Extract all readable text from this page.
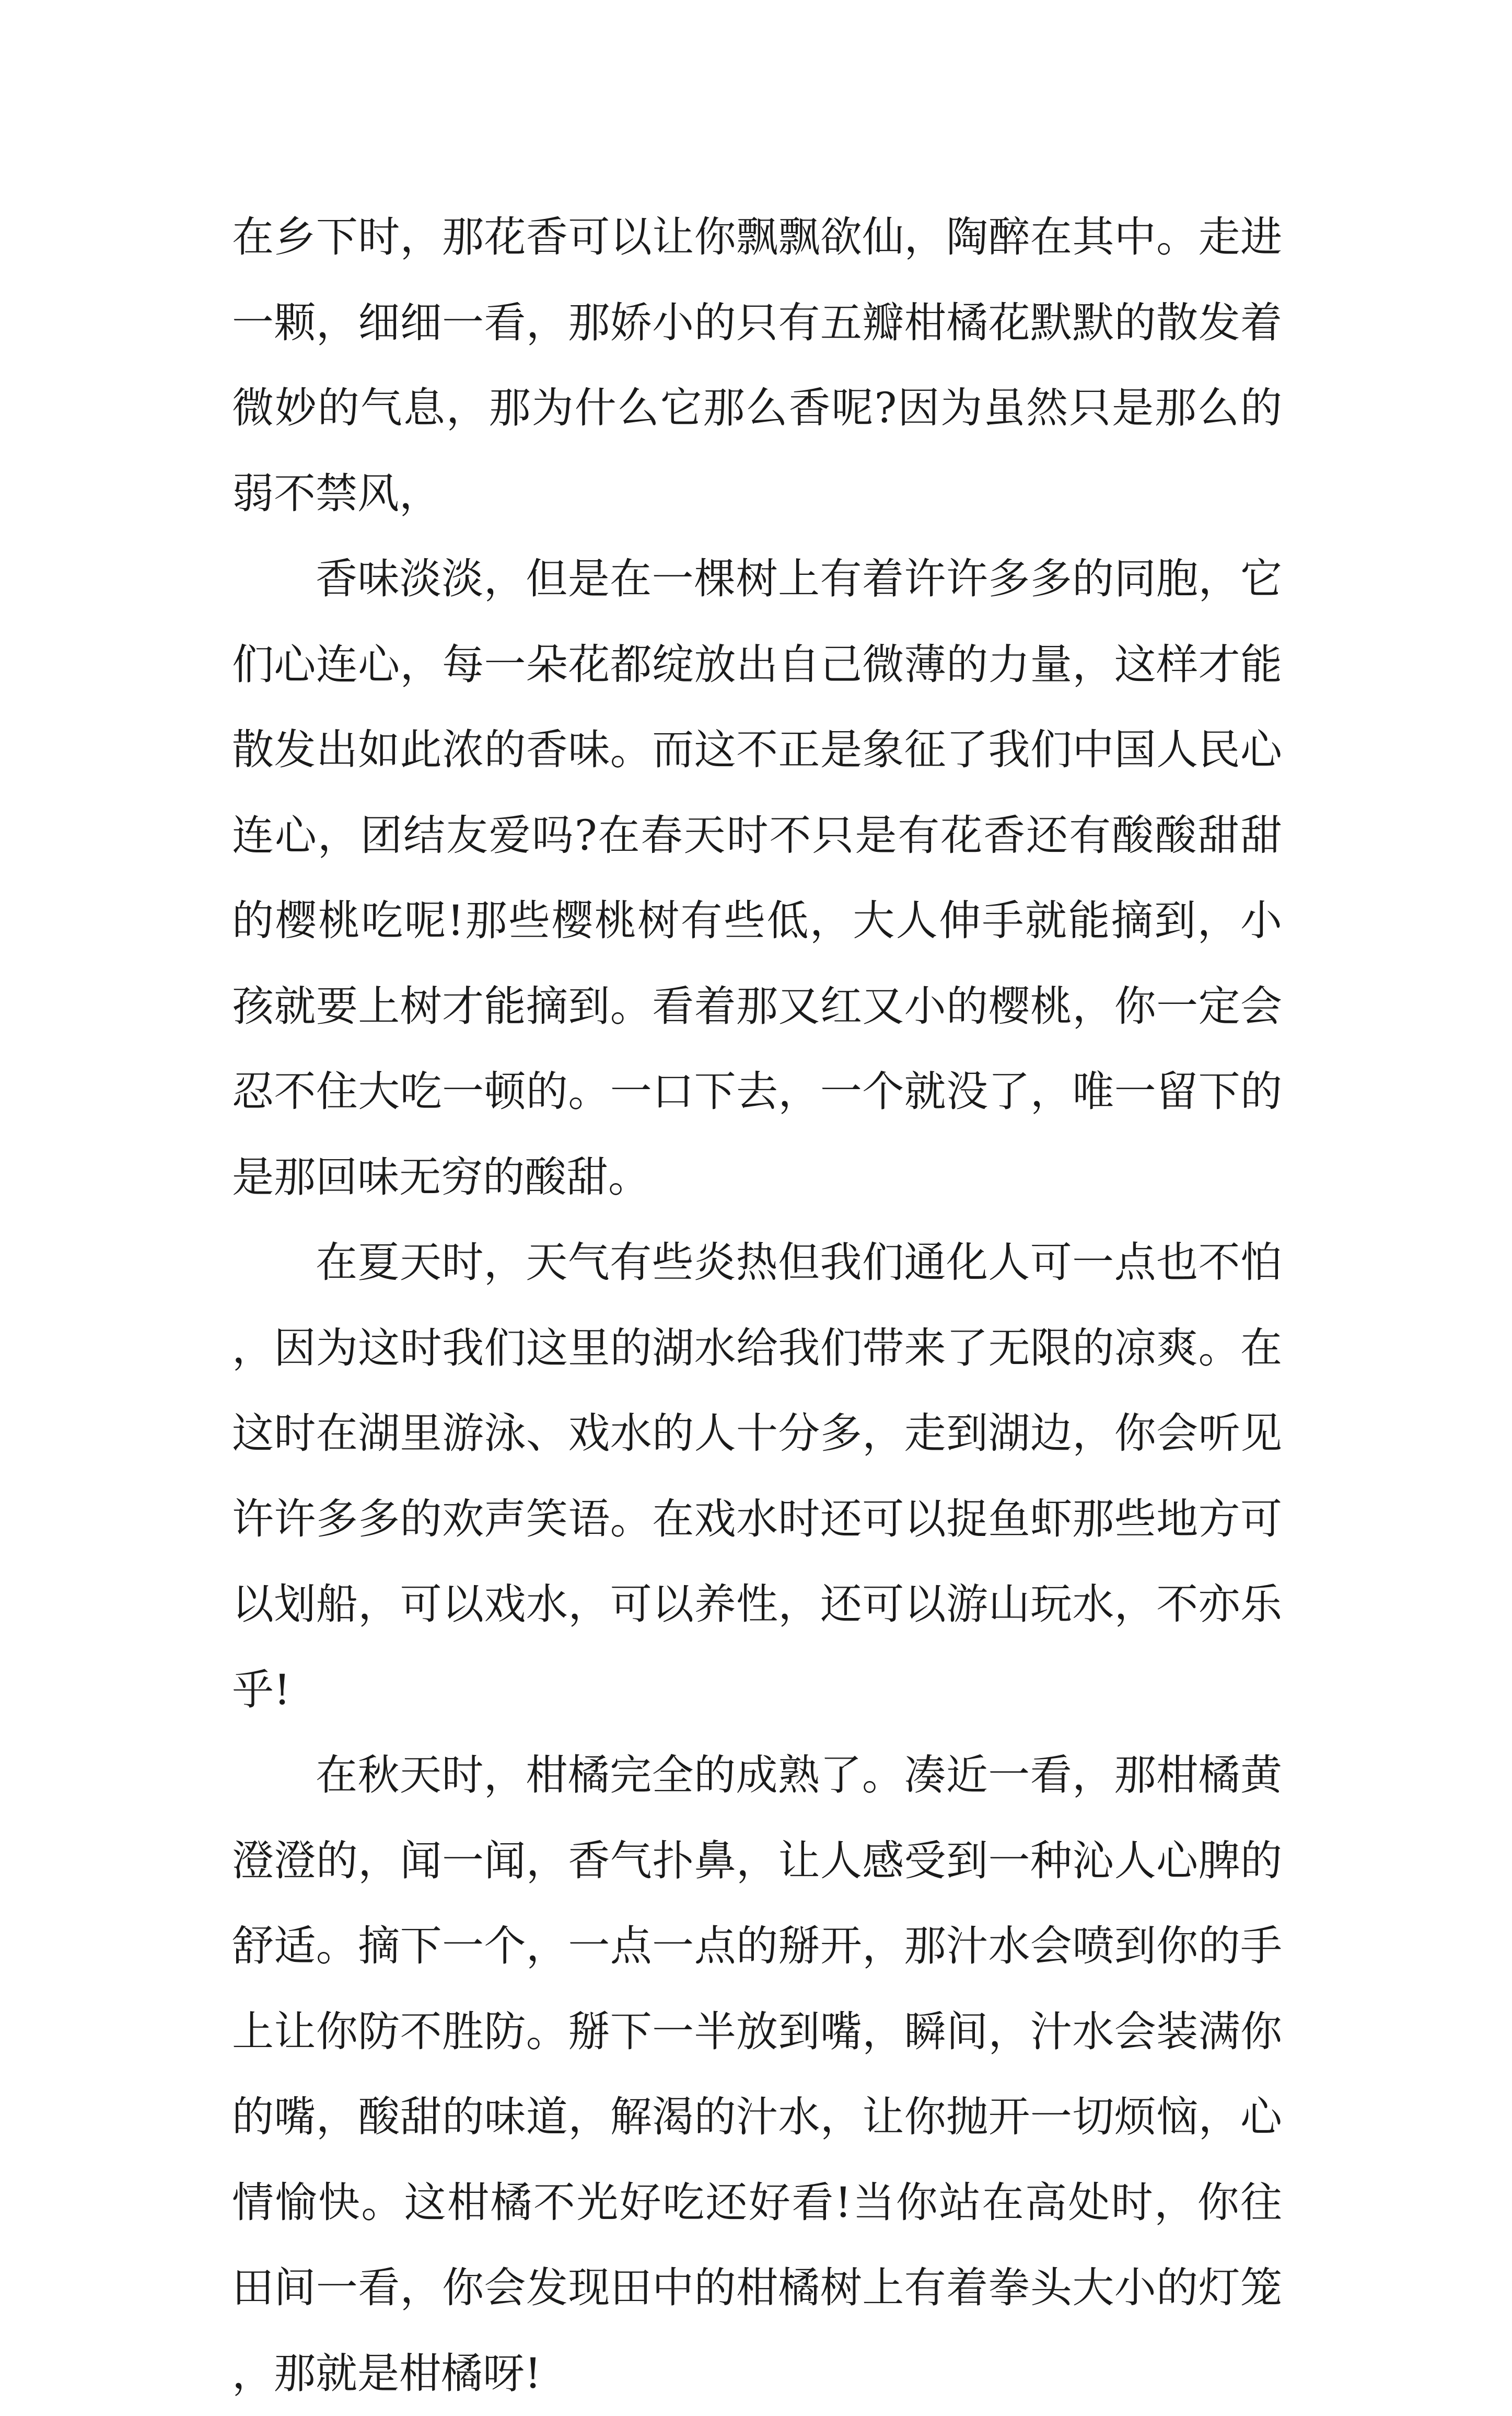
在乡下时，那花香可以让你飘飘欲仙，陶醉在其中。走进一颗，细细一看，那娇小的只有五瓣柑橘花默默的散发着微妙的气息，那为什么它那么香呢?因为虽然只是那么的弱不禁风，

香味淡淡，但是在一棵树上有着许许多多的同胞，它们心连心，每一朵花都绽放出自己微薄的力量，这样才能散发出如此浓的香味。而这不正是象征了我们中国人民心连心，团结友爱吗?在春天时不只是有花香还有酸酸甜甜的樱桃吃呢!那些樱桃树有些低，大人伸手就能摘到，小孩就要上树才能摘到。看着那又红又小的樱桃，你一定会忍不住大吃一顿的。一口下去，一个就没了，唯一留下的是那回味无穷的酸甜。

在夏天时，天气有些炎热但我们通化人可一点也不怕，因为这时我们这里的湖水给我们带来了无限的凉爽。在这时在湖里游泳、戏水的人十分多，走到湖边，你会听见许许多多的欢声笑语。在戏水时还可以捉鱼虾那些地方可以划船，可以戏水，可以养性，还可以游山玩水，不亦乐乎!

在秋天时，柑橘完全的成熟了。凑近一看，那柑橘黄澄澄的，闻一闻，香气扑鼻，让人感受到一种沁人心脾的舒适。摘下一个，一点一点的掰开，那汁水会喷到你的手上让你防不胜防。掰下一半放到嘴，瞬间，汁水会装满你的嘴，酸甜的味道，解渴的汁水，让你抛开一切烦恼，心情愉快。这柑橘不光好吃还好看!当你站在高处时，你往田间一看，你会发现田中的柑橘树上有着拳头大小的灯笼，那就是柑橘呀!
